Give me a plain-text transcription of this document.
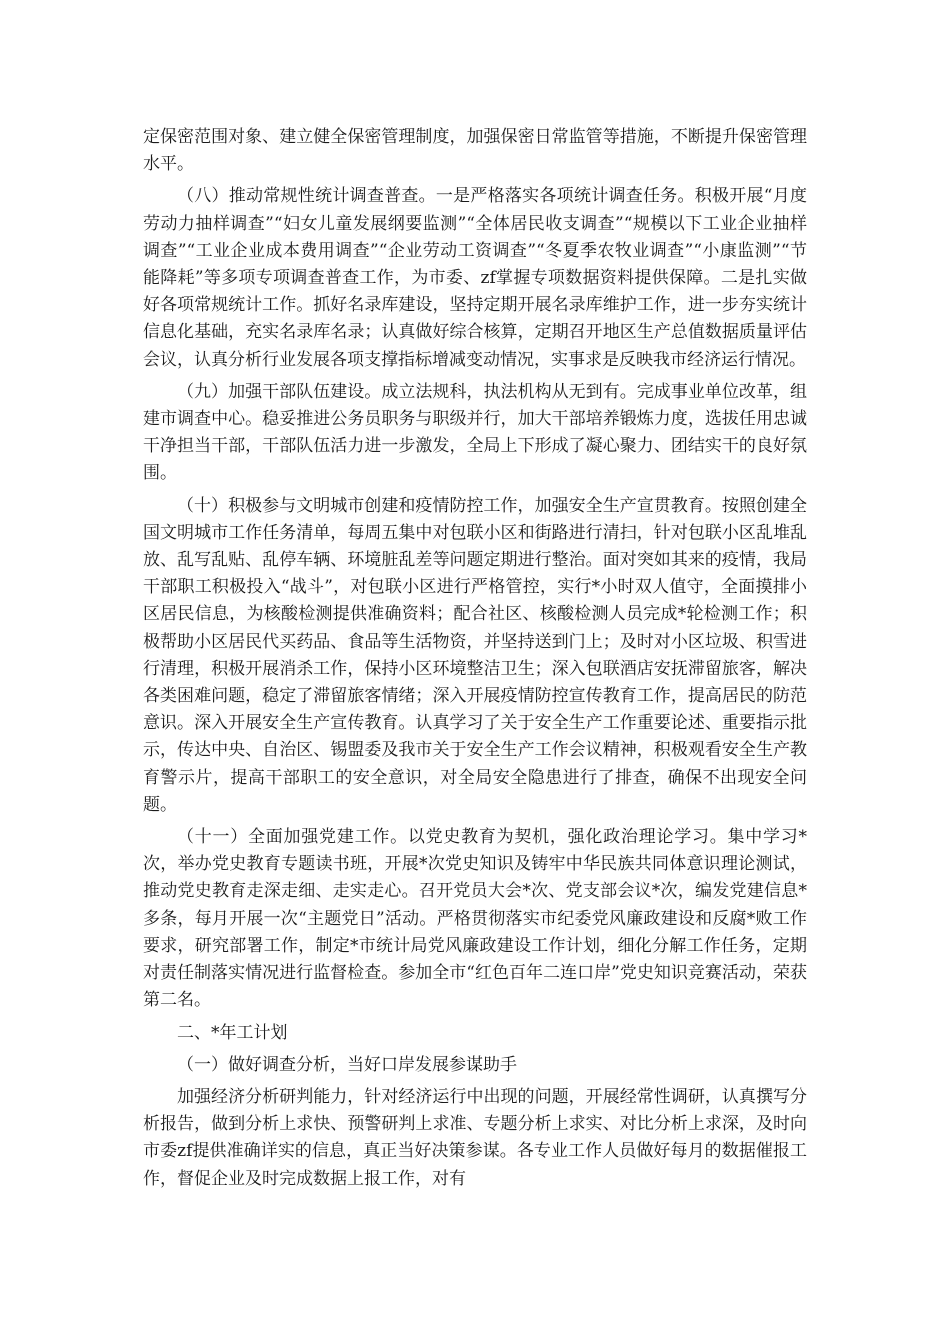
定保密范围对象、建立健全保密管理制度，加强保密日常监管等措施，不断提升保密管理水平。

（八）推动常规性统计调查普查。一是严格落实各项统计调查任务。积极开展“月度劳动力抽样调查”“妇女儿童发展纲要监测”“全体居民收支调查”“规模以下工业企业抽样调查”“工业企业成本费用调查”“企业劳动工资调查”“冬夏季农牧业调查”“小康监测”“节能降耗”等多项专项调查普查工作，为市委、zf掌握专项数据资料提供保障。二是扎实做好各项常规统计工作。抓好名录库建设，坚持定期开展名录库维护工作，进一步夯实统计信息化基础，充实名录库名录；认真做好综合核算，定期召开地区生产总值数据质量评估会议，认真分析行业发展各项支撑指标增减变动情况，实事求是反映我市经济运行情况。

（九）加强干部队伍建设。成立法规科，执法机构从无到有。完成事业单位改革，组建市调查中心。稳妥推进公务员职务与职级并行，加大干部培养锻炼力度，选拔任用忠诚干净担当干部，干部队伍活力进一步激发，全局上下形成了凝心聚力、团结实干的良好氛围。

（十）积极参与文明城市创建和疫情防控工作，加强安全生产宣贯教育。按照创建全国文明城市工作任务清单，每周五集中对包联小区和街路进行清扫，针对包联小区乱堆乱放、乱写乱贴、乱停车辆、环境脏乱差等问题定期进行整治。面对突如其来的疫情，我局干部职工积极投入“战斗”，对包联小区进行严格管控，实行*小时双人值守，全面摸排小区居民信息，为核酸检测提供准确资料；配合社区、核酸检测人员完成*轮检测工作；积极帮助小区居民代买药品、食品等生活物资，并坚持送到门上；及时对小区垃圾、积雪进行清理，积极开展消杀工作，保持小区环境整洁卫生；深入包联酒店安抚滞留旅客，解决各类困难问题，稳定了滞留旅客情绪；深入开展疫情防控宣传教育工作，提高居民的防范意识。深入开展安全生产宣传教育。认真学习了关于安全生产工作重要论述、重要指示批示，传达中央、自治区、锡盟委及我市关于安全生产工作会议精神，积极观看安全生产教育警示片，提高干部职工的安全意识，对全局安全隐患进行了排查，确保不出现安全问题。

（十一）全面加强党建工作。以党史教育为契机，强化政治理论学习。集中学习*次，举办党史教育专题读书班，开展*次党史知识及铸牢中华民族共同体意识理论测试，推动党史教育走深走细、走实走心。召开党员大会*次、党支部会议*次，编发党建信息*多条，每月开展一次“主题党日”活动。严格贯彻落实市纪委党风廉政建设和反腐*败工作要求，研究部署工作，制定*市统计局党风廉政建设工作计划，细化分解工作任务，定期对责任制落实情况进行监督检查。参加全市“红色百年二连口岸”党史知识竞赛活动，荣获第二名。

二、*年工计划

（一）做好调查分析，当好口岸发展参谋助手

加强经济分析研判能力，针对经济运行中出现的问题，开展经常性调研，认真撰写分析报告，做到分析上求快、预警研判上求准、专题分析上求实、对比分析上求深，及时向市委zf提供准确详实的信息，真正当好决策参谋。各专业工作人员做好每月的数据催报工作，督促企业及时完成数据上报工作，对有
